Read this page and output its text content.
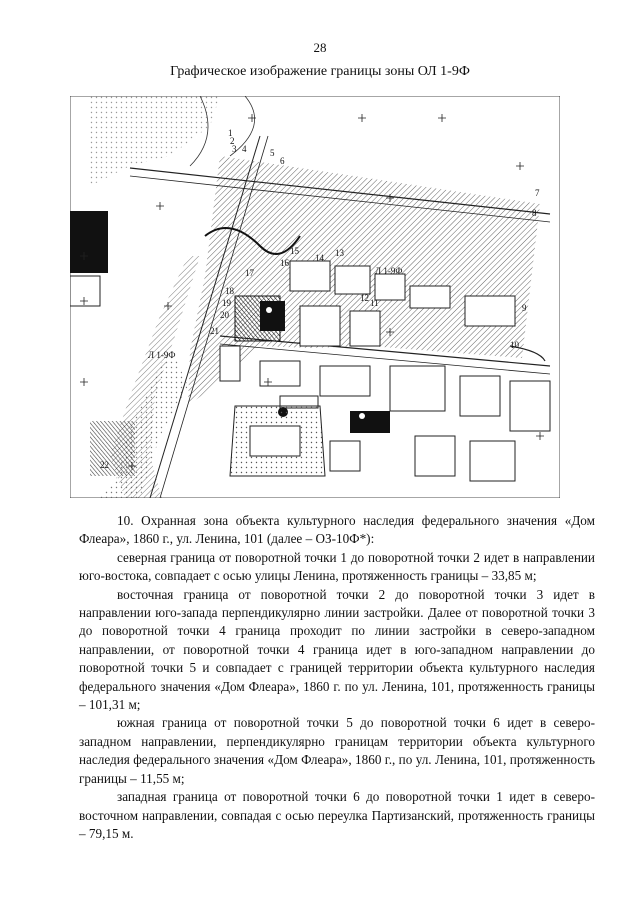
28
Графическое изображение границы зоны ОЛ 1-9Ф
Л 1-9Ф
Л 1-9Ф
1
2
3 4	5
6
7
8
9
10
11
12
13
14
15
16
17
18
19
20
21
22

10. Охранная зона объекта культурного наследия федерального значения «Дом Флеара», 1860 г., ул. Ленина, 101 (далее – ОЗ-10Ф*):

северная граница от поворотной точки 1 до поворотной точки 2 идет в направлении юго-востока, совпадает с осью улицы Ленина, протяженность границы – 33,85 м;

восточная граница от поворотной точки 2 до поворотной точки 3 идет в направлении юго-запада перпендикулярно линии застройки. Далее от поворотной точки 3 до поворотной точки 4 граница проходит по линии застройки в северо-западном направлении, от поворотной точки 4 граница идет в юго-западном направлении до поворотной точки 5 и совпадает с границей территории объекта культурного наследия федерального значения «Дом Флеара», 1860 г. по ул. Ленина, 101, протяженность границы – 101,31 м;

южная граница от поворотной точки 5 до поворотной точки 6 идет в северо-западном направлении, перпендикулярно границам территории объекта культурного наследия федерального значения «Дом Флеара», 1860 г., по ул. Ленина, 101, протяженность границы – 11,55 м;

западная граница от поворотной точки 6 до поворотной точки 1 идет в северо-восточном направлении, совпадая с осью переулка Партизанский, протяженность границы – 79,15 м.
